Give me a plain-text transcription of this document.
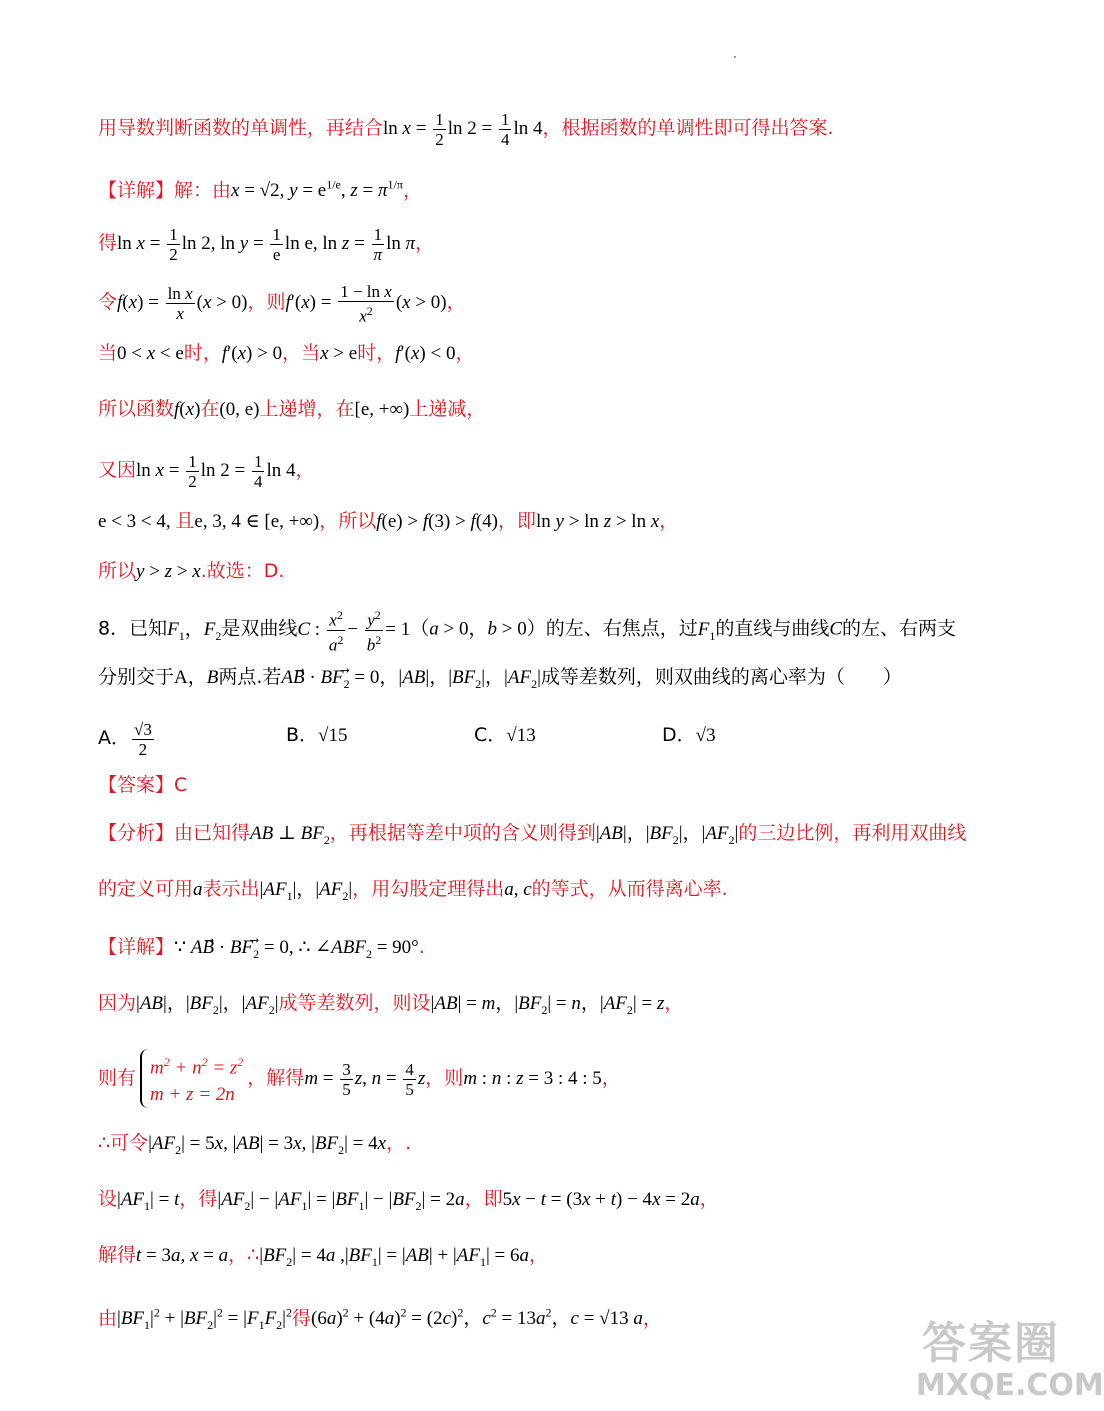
用导数判断函数的单调性，再结合$\ln x = \frac{1}{2}$ $\ln 2 = \frac{1}{4}$ ln 4，根据函数的单调性即可得出答案.
【详解】解：由x = √2, $y = e^{1/e}$, $z = \pi^{1/\pi}$，
得$\ln x = \frac{1}{2}$ ln 2, $\ln y = \frac{1}{e}$ ln e, $\ln z = \frac{1}{\pi}$ ln π，
令$f(x) = \frac{\text{ln x}}{x} (x > 0)$，则$f'(x) = \frac{\text{1 − ln x}}{x^2} (x > 0)$，
当0 < x < e时，f′(x) > 0，当x > e时，f′(x) < 0，
所以函数f(x)在(0, e)上递增，在[e, +∞)上递减，
又因$\ln x = \frac{1}{2}$ $\ln 2 = \frac{1}{4}$ ln 4，
e < 3 < 4, 且e, 3, 4 ∈ [e, +∞)，所以f(e) > f(3) > f(4)，即ln y > ln z > ln x，
所以y > z > x.故选：D.
8．已知$F_1$，$F_2$是双曲线C : $\frac{x^2}{a^2} - \frac{y^2}{b^2} = 1(a > 0$，b > 0）的左、右焦点，过$F_1$的直线与曲线C的左、右两支
分别交于A，B两点.若AB⃗ · $BF_2⃗ = 0$，|AB|，$|BF_2|$，$|AF_2|$成等差数列，则双曲线的离心率为（　　）
A． $\frac{√3}{2}$	B．√15	C．√13	D．√3
【答案】C
【分析】由已知得AB ⊥ $BF_2$，再根据等差中项的含义则得到|AB|，$|BF_2|$，$|AF_2|$的三边比例，再利用双曲线
的定义可用a表示出$|AF_1|$，$|AF_2|$，用勾股定理得出a, c的等式，从而得离心率.
【详解】∵ AB⃗ · $BF_2⃗ = 0$, ∴ $\angle ABF_2 = 90^\circ$.
因为|AB|，$|BF_2|$，$|AF_2|$成等差数列，则设|AB| = m，$|BF_2| = n$，$|AF_2| = z$，
则有 $m^2 + n^2 = z^2$
m + z = 2n，解得$m = \frac{3}{5} z$, $n = \frac{4}{5}$ z，则m : n : z = 3 : 4 : 5，
∴可令$|AF_2| = 5x$, |AB| = 3x, $|BF_2| = 4x$，.
设$|AF_1| = t$，得$|AF_2| - |AF_1| = |BF_1| - |BF_2| = 2a$，即5x − t = (3x + t) − 4x = 2a，
解得t = 3a, x = a，$\therefore|BF_2| = 4a$ $,|BF_1| = |AB| + |AF_1| = 6a$，
由$|BF_1|^2 + |BF_2|^2 = |F_1F_2|^2$得$(6a)^2 + (4a)^2 = (2c)^2$，$c^2 = 13a^2$，c = √13 a，	答案圈
MXQE.COM
